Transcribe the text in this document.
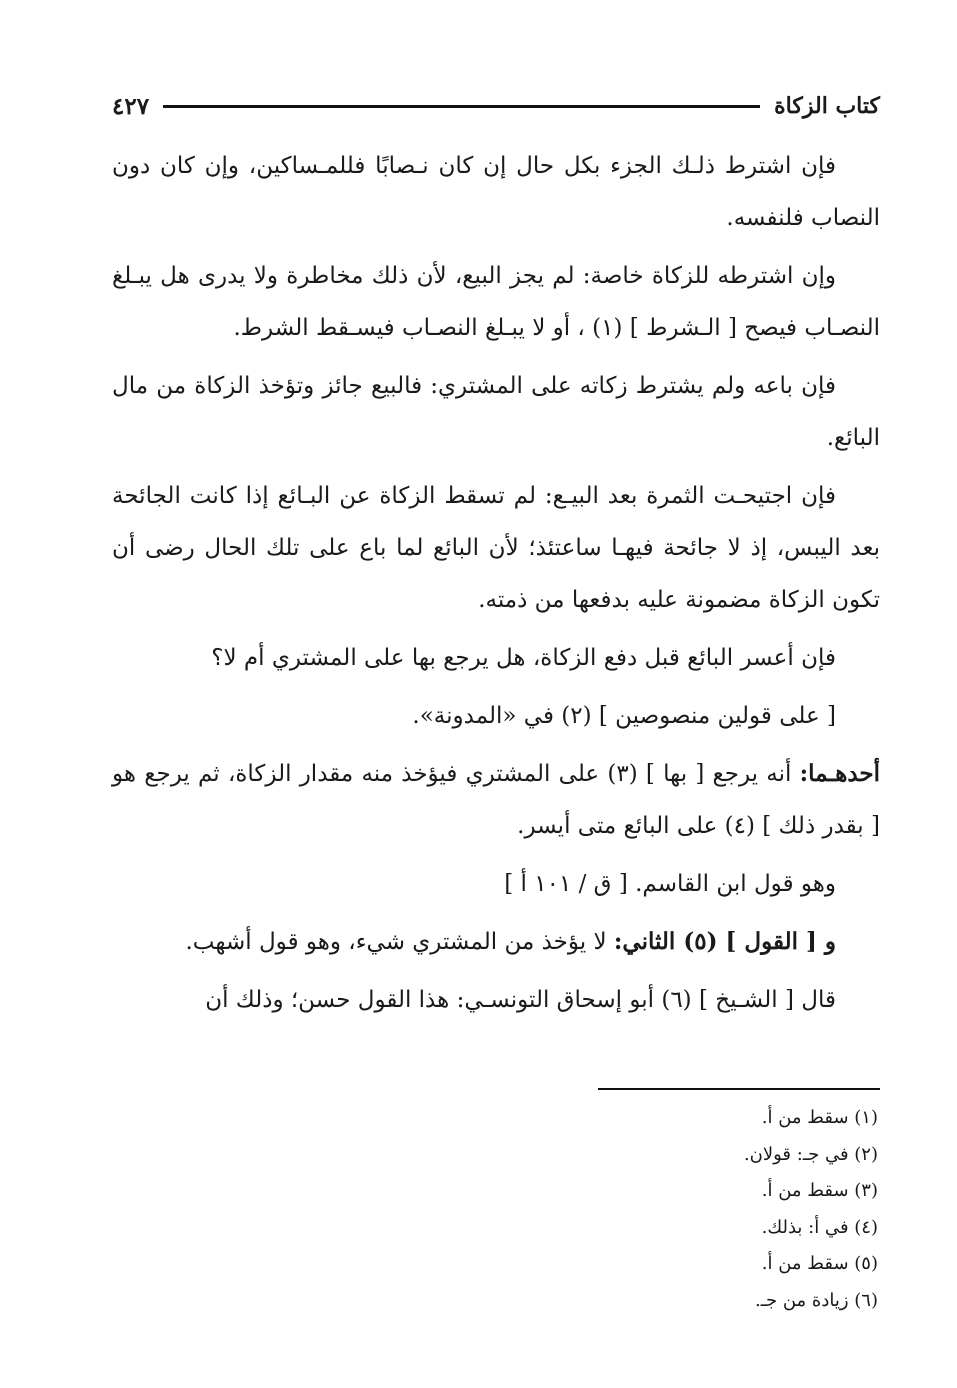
كتاب الزكاة
٤٢٧

فإن اشترط ذلـك الجزء بكل حال إن كان نـصابًا فللمـساكين، وإن كان دون النصاب فلنفسه.

وإن اشترطه للزكاة خاصة: لم يجز البيع، لأن ذلك مخاطرة ولا يدرى هل يبـلغ النصـاب فيصح [ الـشرط ] (١) ، أو لا يبـلغ النصـاب فيسـقط الشرط.

فإن باعه ولم يشترط زكاته على المشتري: فالبيع جائز وتؤخذ الزكاة من مال البائع.

فإن اجتيحـت الثمرة بعد البيـع: لم تسقط الزكاة عن البـائع إذا كانت الجائحة بعد اليبس، إذ لا جائحة فيهـا ساعتئذ؛ لأن البائع لما باع على تلك الحال رضى أن تكون الزكاة مضمونة عليه بدفعها من ذمته.

فإن أعسر البائع قبل دفع الزكاة، هل يرجع بها على المشتري أم لا؟

[ على قولين منصوصين ] (٢) في «المدونة».

أحدهـما: أنه يرجع [ بها ] (٣) على المشتري فيؤخذ منه مقدار الزكاة، ثم يرجع هو [ بقدر ذلك ] (٤) على البائع متى أيسر.

وهو قول ابن القاسم. [ ق / ١٠١ أ ]

و [ القول ] (٥) الثاني: لا يؤخذ من المشتري شيء، وهو قول أشهب.

قال [ الشـيخ ] (٦) أبو إسحاق التونسـي: هذا القول حسن؛ وذلك أن

(١) سقط من أ.
(٢) في جـ: قولان.
(٣) سقط من أ.
(٤) في أ: بذلك.
(٥) سقط من أ.
(٦) زيادة من جـ.
